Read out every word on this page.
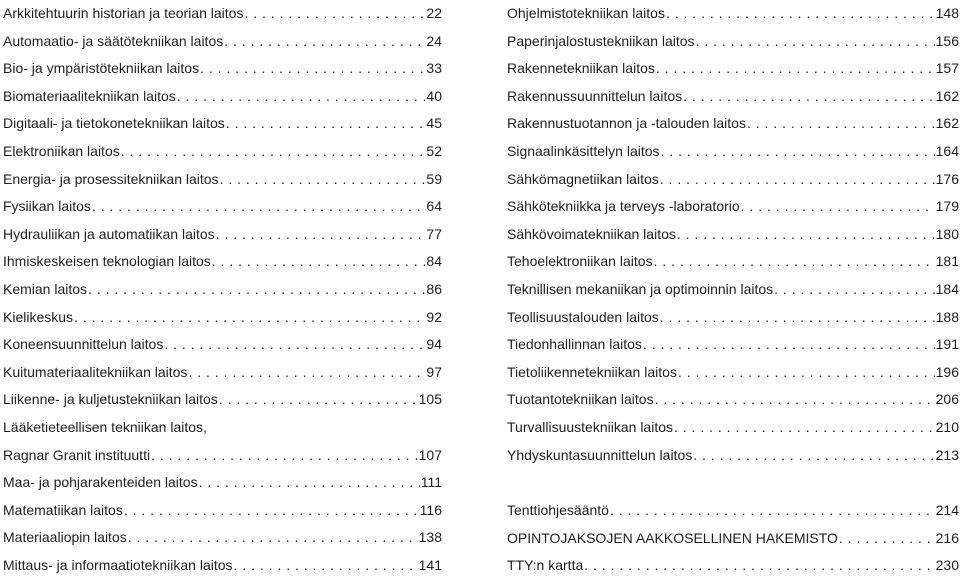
Arkkitehtuurin historian ja teorian laitos . . .	22
Automaatio- ja säätötekniikan laitos . . .	24
Bio- ja ympäristötekniikan laitos . . .	33
Biomateriaalitekniikan laitos . . .	40
Digitaali- ja tietokonetekniikan laitos . . .	45
Elektroniikan laitos . . .	52
Energia- ja prosessitekniikan laitos . . .	59
Fysiikan laitos . . .	64
Hydrauliikan ja automatiikan laitos . . .	77
Ihmiskeskeisen teknologian laitos . . .	84
Kemian laitos . . .	86
Kielikeskus . . .	92
Koneensuunnittelun laitos . . .	94
Kuitumateriaalitekniikan laitos . . .	97
Liikenne- ja kuljetustekniikan laitos . . .	105
Lääketieteellisen tekniikan laitos,
Ragnar Granit instituutti . . .	107
Maa- ja pohjarakenteiden laitos . . .	111
Matematiikan laitos . . .	116
Materiaaliopin laitos . . .	138
Mittaus- ja informaatiotekniikan laitos . . .	141
Ohjelmistotekniikan laitos . . .	148
Paperinjalostustekniikan laitos . . .	156
Rakennetekniikan laitos . . .	157
Rakennussuunnittelun laitos . . .	162
Rakennustuotannon ja -talouden laitos . . .	162
Signaalinkäsittelyn laitos . . .	164
Sähkömagnetiikan laitos . . .	176
Sähkötekniikka ja terveys -laboratorio . . .	179
Sähkövoimatekniikan laitos . . .	180
Tehoelektroniikan laitos . . .	181
Teknillisen mekaniikan ja optimoinnin laitos . . .	184
Teollisuustalouden laitos . . .	188
Tiedonhallinnan laitos . . .	191
Tietoliikennetekniikan laitos . . .	196
Tuotantotekniikan laitos . . .	206
Turvallisuustekniikan laitos . . .	210
Yhdyskuntasuunnittelun laitos . . .	213
Tenttiohjesääntö . . .	214
OPINTOJAKSOJEN AAKKOSELLINEN HAKEMISTO . . .	216
TTY:n kartta . . .	230
